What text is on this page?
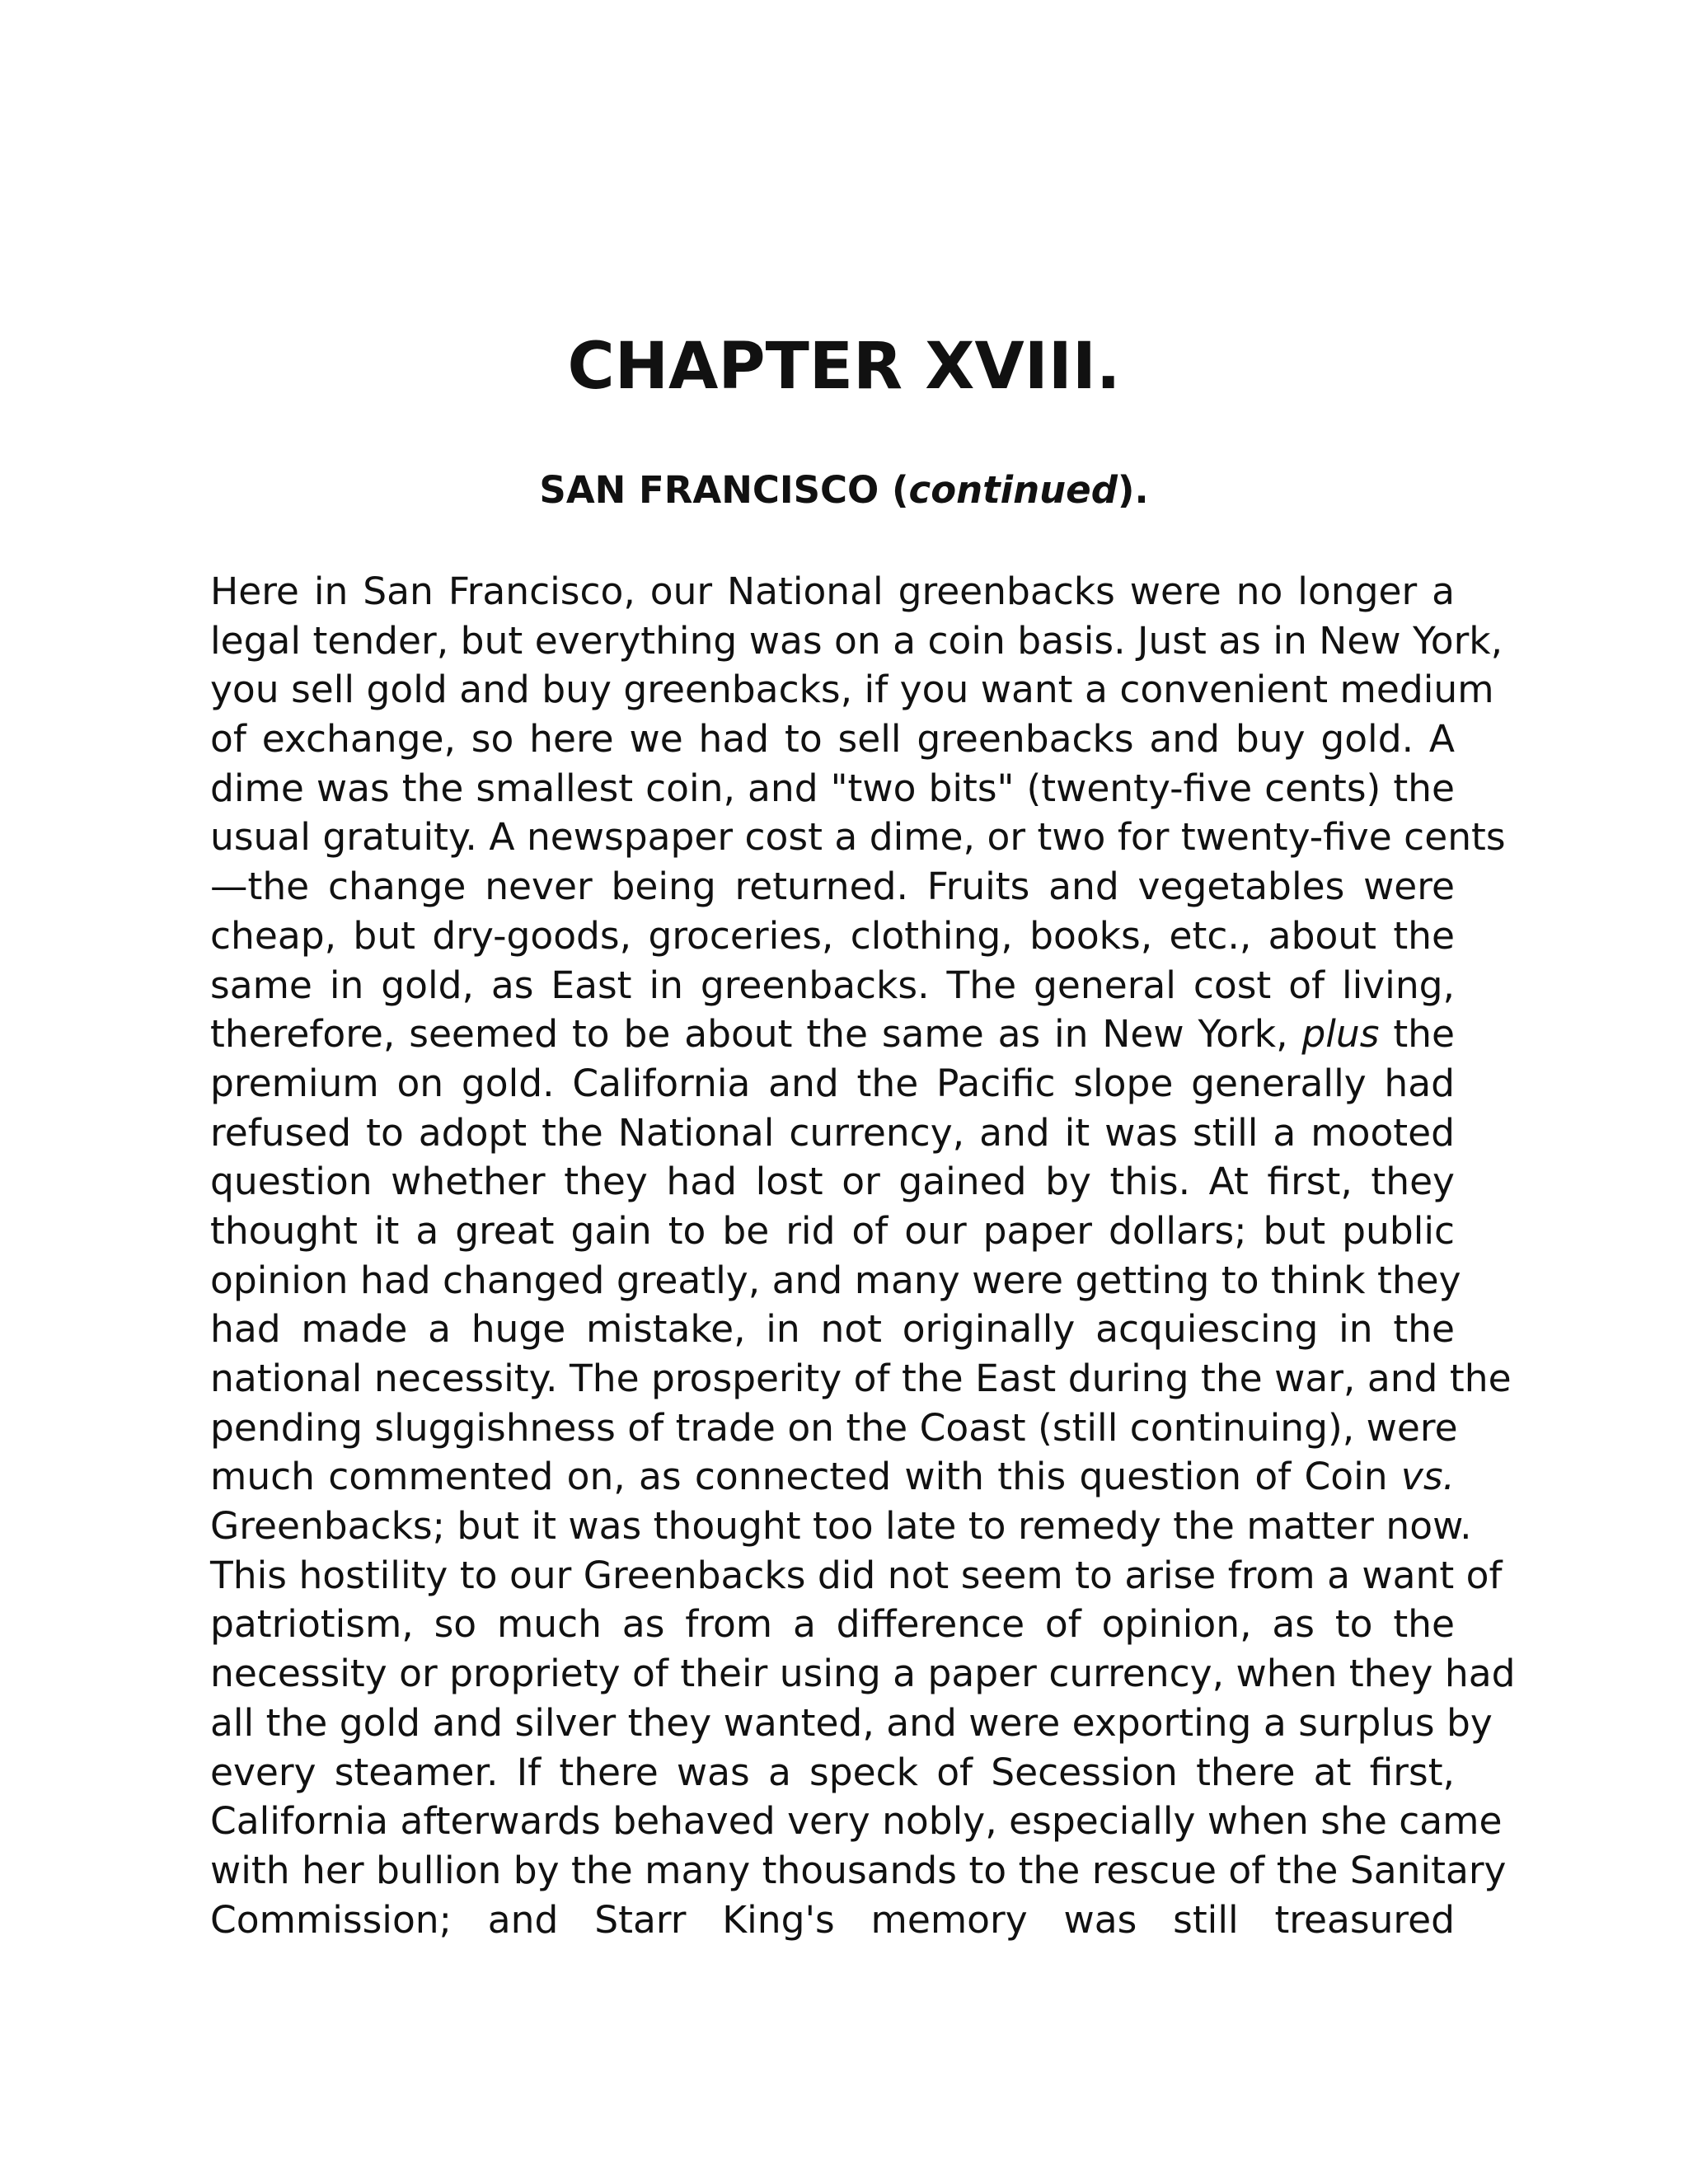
CHAPTER XVIII.
SAN FRANCISCO (continued).
Here in San Francisco, our National greenbacks were no longer a
legal tender, but everything was on a coin basis. Just as in New York,
you sell gold and buy greenbacks, if you want a convenient medium
of exchange, so here we had to sell greenbacks and buy gold. A
dime was the smallest coin, and "two bits" (twenty-five cents) the
usual gratuity. A newspaper cost a dime, or two for twenty-five cents
—the change never being returned. Fruits and vegetables were
cheap, but dry-goods, groceries, clothing, books, etc., about the
same in gold, as East in greenbacks. The general cost of living,
therefore, seemed to be about the same as in New York, plus the
premium on gold. California and the Pacific slope generally had
refused to adopt the National currency, and it was still a mooted
question whether they had lost or gained by this. At first, they
thought it a great gain to be rid of our paper dollars; but public
opinion had changed greatly, and many were getting to think they
had made a huge mistake, in not originally acquiescing in the
national necessity. The prosperity of the East during the war, and the
pending sluggishness of trade on the Coast (still continuing), were
much commented on, as connected with this question of Coin vs.
Greenbacks; but it was thought too late to remedy the matter now.
This hostility to our Greenbacks did not seem to arise from a want of
patriotism, so much as from a difference of opinion, as to the
necessity or propriety of their using a paper currency, when they had
all the gold and silver they wanted, and were exporting a surplus by
every steamer. If there was a speck of Secession there at first,
California afterwards behaved very nobly, especially when she came
with her bullion by the many thousands to the rescue of the Sanitary
Commission; and Starr King's memory was still treasured
